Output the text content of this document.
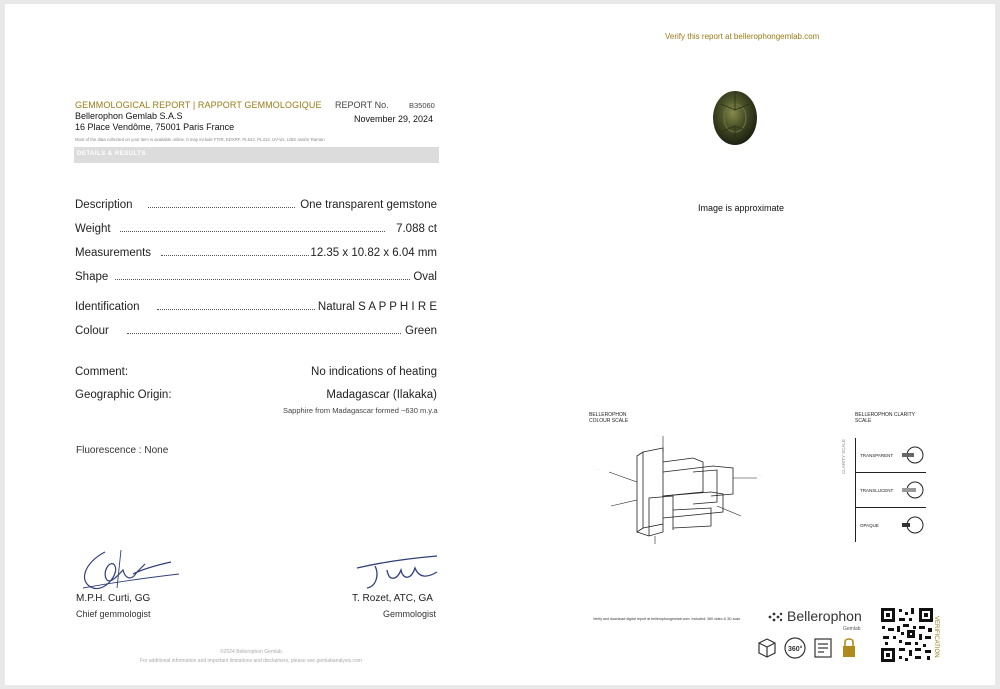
Verify this report at bellerophongemlab.com
GEMMOLOGICAL REPORT | RAPPORT GEMMOLOGIQUE REPORT No.	B35060
Bellerophon Gemlab S.A.S	November 29, 2024
16 Place Vendôme, 75001 Paris France
Most of the data collected on your item is available online. It may include FTIR, EDXRF, PL532, PL313, UV-vis, LIBS and/or Raman
DETAILS & RESULTS
Description	One transparent gemstone
Weight	7.088 ct
Measurements	12.35 x 10.82 x 6.04 mm
Shape	Oval
Identification	Natural S A P P H I R E
Colour	Green
Comment:	No indications of heating
Geographic Origin:	Madagascar (Ilakaka)
Sapphire from Madagascar formed ~630 m.y.a
Fluorescence : None
M.P.H. Curti, GG
Chief gemmologist
T. Rozet, ATC, GA
Gemmologist
©2024 Bellerophon Gemlab
For additional information and important limitations and disclaimers, please see gemlabanalysis.com
Image is approximate
BELLEROPHON COLOUR SCALE
·····
·····
·····
BELLEROPHON CLARITY SCALE
CLARITY SCALE	TRANSPARENT
TRANSLUCENT
OPAQUE
Verify and download digital report at bellerophongemlab.com. Included: 360 video & 3D scan	Bellerophon
Gemlab
360°	VERIFICATION
